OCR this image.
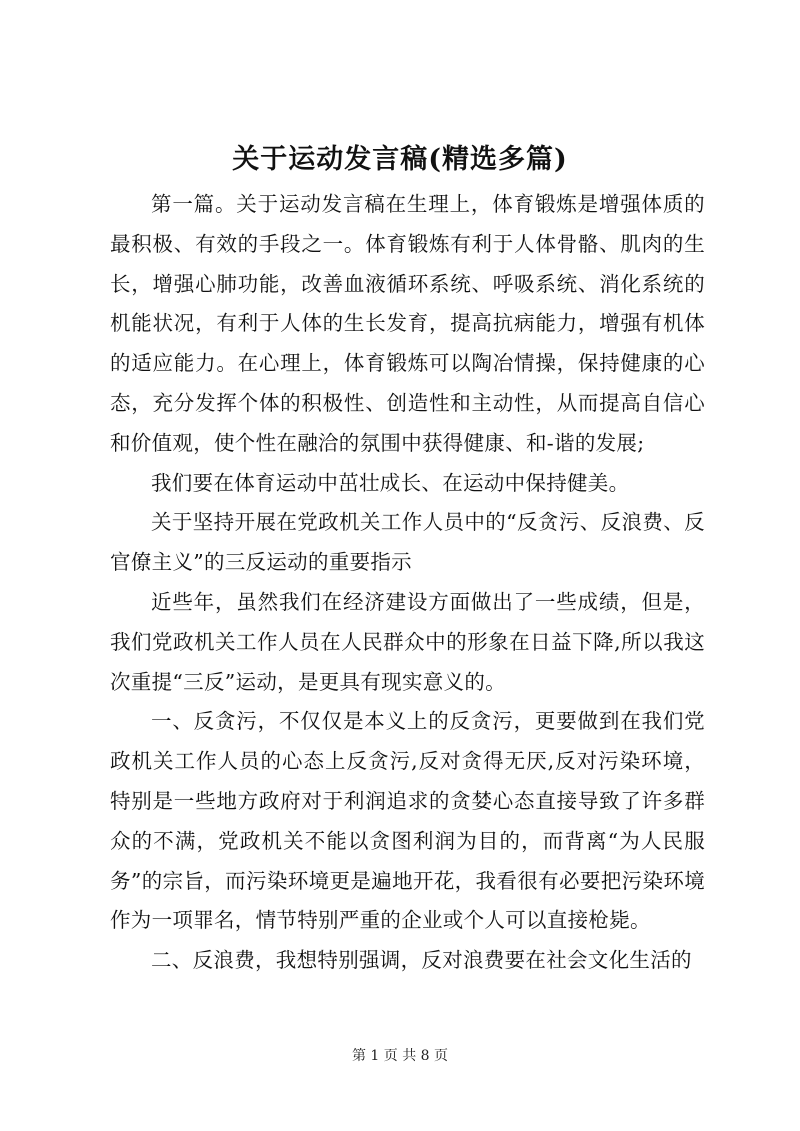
关于运动发言稿(精选多篇)

第一篇。关于运动发言稿在生理上，体育锻炼是增强体质的最积极、有效的手段之一。体育锻炼有利于人体骨骼、肌肉的生长，增强心肺功能，改善血液循环系统、呼吸系统、消化系统的机能状况，有利于人体的生长发育，提高抗病能力，增强有机体的适应能力。在心理上，体育锻炼可以陶冶情操，保持健康的心态，充分发挥个体的积极性、创造性和主动性，从而提高自信心和价值观，使个性在融洽的氛围中获得健康、和-谐的发展;

我们要在体育运动中茁壮成长、在运动中保持健美。

关于坚持开展在党政机关工作人员中的“反贪污、反浪费、反官僚主义”的三反运动的重要指示

近些年，虽然我们在经济建设方面做出了一些成绩，但是，我们党政机关工作人员在人民群众中的形象在日益下降,所以我这次重提“三反”运动，是更具有现实意义的。

一、反贪污，不仅仅是本义上的反贪污，更要做到在我们党政机关工作人员的心态上反贪污,反对贪得无厌,反对污染环境，特别是一些地方政府对于利润追求的贪婪心态直接导致了许多群众的不满，党政机关不能以贪图利润为目的，而背离“为人民服务”的宗旨，而污染环境更是遍地开花，我看很有必要把污染环境作为一项罪名，情节特别严重的企业或个人可以直接枪毙。

二、反浪费，我想特别强调，反对浪费要在社会文化生活的

第 1 页 共 8 页
